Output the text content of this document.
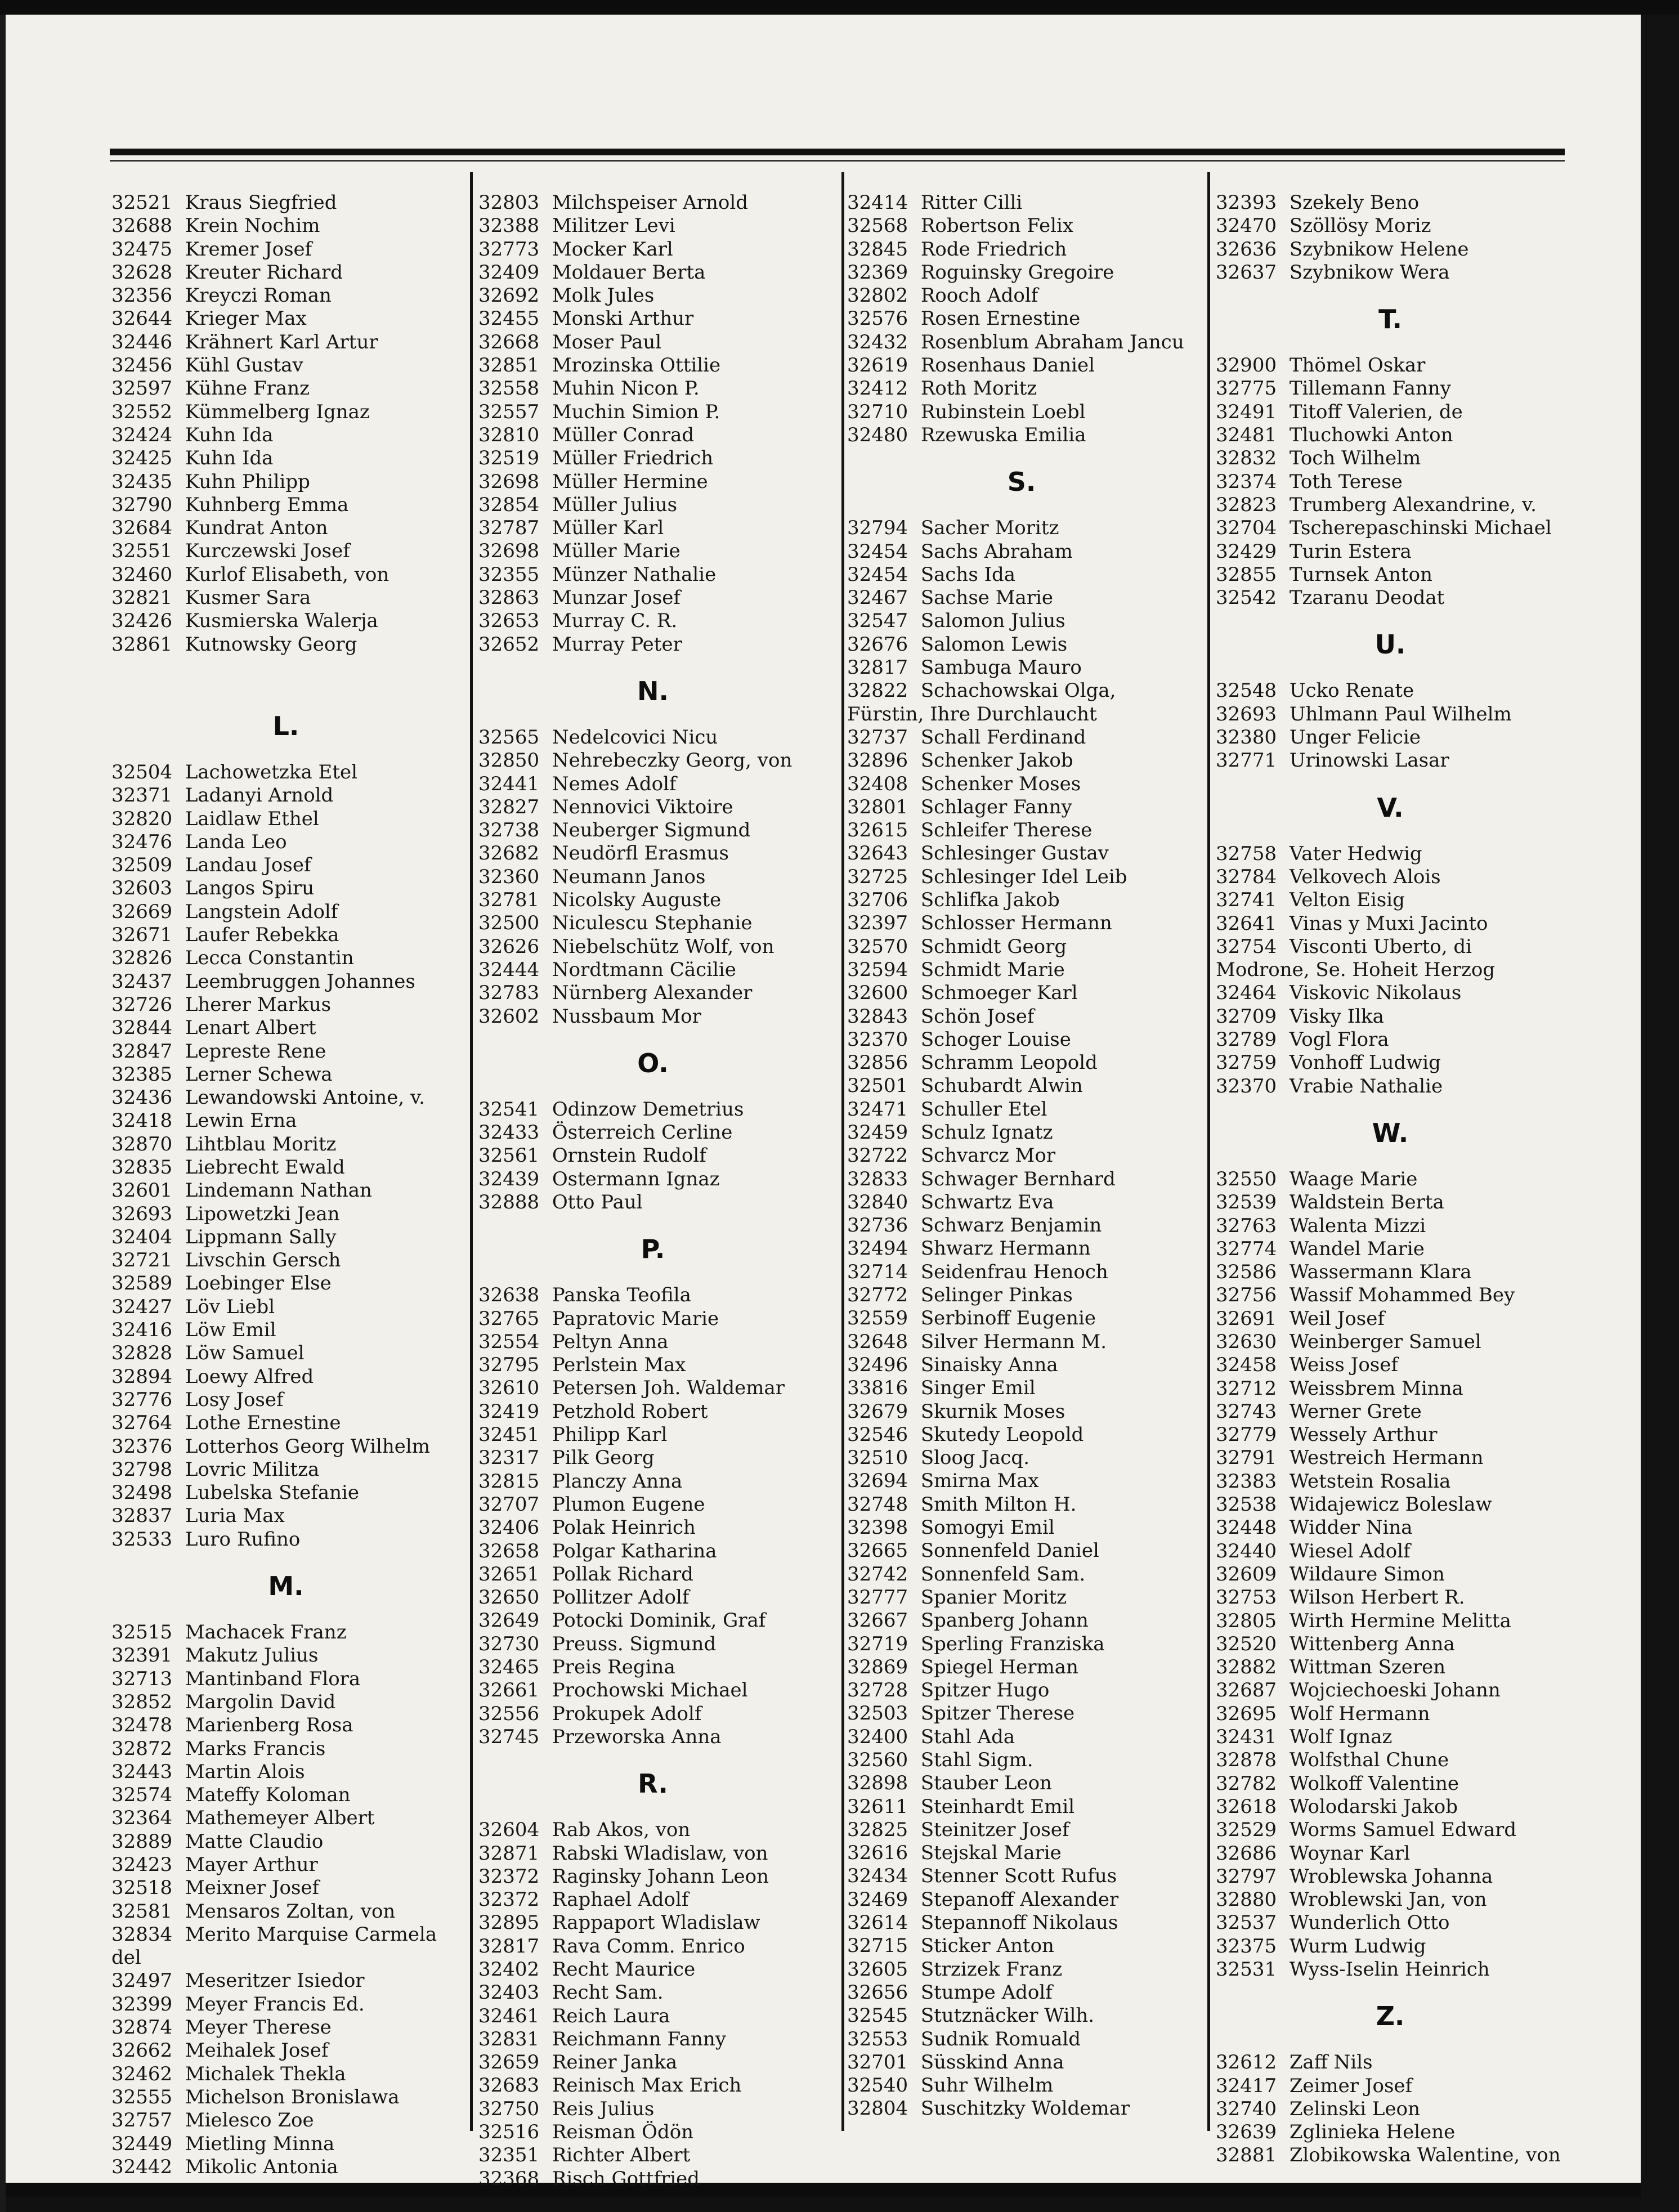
32521 Kraus Siegfried
32688 Krein Nochim
32475 Kremer Josef
32628 Kreuter Richard
32356 Kreyczi Roman
32644 Krieger Max
32446 Krähnert Karl Artur
32456 Kühl Gustav
32597 Kühne Franz
32552 Kümmelberg Ignaz
32424 Kuhn Ida
32425 Kuhn Ida
32435 Kuhn Philipp
32790 Kuhnberg Emma
32684 Kundrat Anton
32551 Kurczewski Josef
32460 Kurlof Elisabeth, von
32821 Kusmer Sara
32426 Kusmierska Walerja
32861 Kutnowsky Georg
L.
32504 Lachowetzka Etel
32371 Ladanyi Arnold
32820 Laidlaw Ethel
32476 Landa Leo
32509 Landau Josef
32603 Langos Spiru
32669 Langstein Adolf
32671 Laufer Rebekka
32826 Lecca Constantin
32437 Leembruggen Johannes
32726 Lherer Markus
32844 Lenart Albert
32847 Lepreste Rene
32385 Lerner Schewa
32436 Lewandowski Antoine, v.
32418 Lewin Erna
32870 Lihtblau Moritz
32835 Liebrecht Ewald
32601 Lindemann Nathan
32693 Lipowetzki Jean
32404 Lippmann Sally
32721 Livschin Gersch
32589 Loebinger Else
32427 Löv Liebl
32416 Löw Emil
32828 Löw Samuel
32894 Loewy Alfred
32776 Losy Josef
32764 Lothe Ernestine
32376 Lotterhos Georg Wilhelm
32798 Lovric Militza
32498 Lubelska Stefanie
32837 Luria Max
32533 Luro Rufino
M.
32515 Machacek Franz
32391 Makutz Julius
32713 Mantinband Flora
32852 Margolin David
32478 Marienberg Rosa
32872 Marks Francis
32443 Martin Alois
32574 Mateffy Koloman
32364 Mathemeyer Albert
32889 Matte Claudio
32423 Mayer Arthur
32518 Meixner Josef
32581 Mensaros Zoltan, von
32834 Merito Marquise Carmela del
32497 Meseritzer Isiedor
32399 Meyer Francis Ed.
32874 Meyer Therese
32662 Meihalek Josef
32462 Michalek Thekla
32555 Michelson Bronislawa
32757 Mielesco Zoe
32449 Mietling Minna
32442 Mikolic Antonia
32803 Milchspeiser Arnold
32388 Militzer Levi
32773 Mocker Karl
32409 Moldauer Berta
32692 Molk Jules
32455 Monski Arthur
32668 Moser Paul
32851 Mrozinska Ottilie
32558 Muhin Nicon P.
32557 Muchin Simion P.
32810 Müller Conrad
32519 Müller Friedrich
32698 Müller Hermine
32854 Müller Julius
32787 Müller Karl
32698 Müller Marie
32355 Münzer Nathalie
32863 Munzar Josef
32653 Murray C. R.
32652 Murray Peter
N.
32565 Nedelcovici Nicu
32850 Nehrebeczky Georg, von
32441 Nemes Adolf
32827 Nennovici Viktoire
32738 Neuberger Sigmund
32682 Neudörfl Erasmus
32360 Neumann Janos
32781 Nicolsky Auguste
32500 Niculescu Stephanie
32626 Niebelschütz Wolf, von
32444 Nordtmann Cäcilie
32783 Nürnberg Alexander
32602 Nussbaum Mor
O.
32541 Odinzow Demetrius
32433 Österreich Cerline
32561 Ornstein Rudolf
32439 Ostermann Ignaz
32888 Otto Paul
P.
32638 Panska Teofila
32765 Papratovic Marie
32554 Peltyn Anna
32795 Perlstein Max
32610 Petersen Joh. Waldemar
32419 Petzhold Robert
32451 Philipp Karl
32317 Pilk Georg
32815 Planczy Anna
32707 Plumon Eugene
32406 Polak Heinrich
32658 Polgar Katharina
32651 Pollak Richard
32650 Pollitzer Adolf
32649 Potocki Dominik, Graf
32730 Preuss. Sigmund
32465 Preis Regina
32661 Prochowski Michael
32556 Prokupek Adolf
32745 Przeworska Anna
R.
32604 Rab Akos, von
32871 Rabski Wladislaw, von
32372 Raginsky Johann Leon
32372 Raphael Adolf
32895 Rappaport Wladislaw
32817 Rava Comm. Enrico
32402 Recht Maurice
32403 Recht Sam.
32461 Reich Laura
32831 Reichmann Fanny
32659 Reiner Janka
32683 Reinisch Max Erich
32750 Reis Julius
32516 Reisman Ödön
32351 Richter Albert
32368 Risch Gottfried
32414 Ritter Cilli
32568 Robertson Felix
32845 Rode Friedrich
32369 Roguinsky Gregoire
32802 Rooch Adolf
32576 Rosen Ernestine
32432 Rosenblum Abraham Jancu
32619 Rosenhaus Daniel
32412 Roth Moritz
32710 Rubinstein Loebl
32480 Rzewuska Emilia
S.
32794 Sacher Moritz
32454 Sachs Abraham
32454 Sachs Ida
32467 Sachse Marie
32547 Salomon Julius
32676 Salomon Lewis
32817 Sambuga Mauro
32822 Schachowskai Olga, Fürstin, Ihre Durchlaucht
32737 Schall Ferdinand
32896 Schenker Jakob
32408 Schenker Moses
32801 Schlager Fanny
32615 Schleifer Therese
32643 Schlesinger Gustav
32725 Schlesinger Idel Leib
32706 Schlifka Jakob
32397 Schlosser Hermann
32570 Schmidt Georg
32594 Schmidt Marie
32600 Schmoeger Karl
32843 Schön Josef
32370 Schoger Louise
32856 Schramm Leopold
32501 Schubardt Alwin
32471 Schuller Etel
32459 Schulz Ignatz
32722 Schvarcz Mor
32833 Schwager Bernhard
32840 Schwartz Eva
32736 Schwarz Benjamin
32494 Shwarz Hermann
32714 Seidenfrau Henoch
32772 Selinger Pinkas
32559 Serbinoff Eugenie
32648 Silver Hermann M.
32496 Sinaisky Anna
33816 Singer Emil
32679 Skurnik Moses
32546 Skutedy Leopold
32510 Sloog Jacq.
32694 Smirna Max
32748 Smith Milton H.
32398 Somogyi Emil
32665 Sonnenfeld Daniel
32742 Sonnenfeld Sam.
32777 Spanier Moritz
32667 Spanberg Johann
32719 Sperling Franziska
32869 Spiegel Herman
32728 Spitzer Hugo
32503 Spitzer Therese
32400 Stahl Ada
32560 Stahl Sigm.
32898 Stauber Leon
32611 Steinhardt Emil
32825 Steinitzer Josef
32616 Stejskal Marie
32434 Stenner Scott Rufus
32469 Stepanoff Alexander
32614 Stepannoff Nikolaus
32715 Sticker Anton
32605 Strzizek Franz
32656 Stumpe Adolf
32545 Stutznäcker Wilh.
32553 Sudnik Romuald
32701 Süsskind Anna
32540 Suhr Wilhelm
32804 Suschitzky Woldemar
32393 Szekely Beno
32470 Szöllösy Moriz
32636 Szybnikow Helene
32637 Szybnikow Wera
T.
32900 Thömel Oskar
32775 Tillemann Fanny
32491 Titoff Valerien, de
32481 Tluchowki Anton
32832 Toch Wilhelm
32374 Toth Terese
32823 Trumberg Alexandrine, v.
32704 Tscherepaschinski Michael
32429 Turin Estera
32855 Turnsek Anton
32542 Tzaranu Deodat
U.
32548 Ucko Renate
32693 Uhlmann Paul Wilhelm
32380 Unger Felicie
32771 Urinowski Lasar
V.
32758 Vater Hedwig
32784 Velkovech Alois
32741 Velton Eisig
32641 Vinas y Muxi Jacinto
32754 Visconti Uberto, di Modrone, Se. Hoheit Herzog
32464 Viskovic Nikolaus
32709 Visky Ilka
32789 Vogl Flora
32759 Vonhoff Ludwig
32370 Vrabie Nathalie
W.
32550 Waage Marie
32539 Waldstein Berta
32763 Walenta Mizzi
32774 Wandel Marie
32586 Wassermann Klara
32756 Wassif Mohammed Bey
32691 Weil Josef
32630 Weinberger Samuel
32458 Weiss Josef
32712 Weissbrem Minna
32743 Werner Grete
32779 Wessely Arthur
32791 Westreich Hermann
32383 Wetstein Rosalia
32538 Widajewicz Boleslaw
32448 Widder Nina
32440 Wiesel Adolf
32609 Wildaure Simon
32753 Wilson Herbert R.
32805 Wirth Hermine Melitta
32520 Wittenberg Anna
32882 Wittman Szeren
32687 Wojciechoeski Johann
32695 Wolf Hermann
32431 Wolf Ignaz
32878 Wolfsthal Chune
32782 Wolkoff Valentine
32618 Wolodarski Jakob
32529 Worms Samuel Edward
32686 Woynar Karl
32797 Wroblewska Johanna
32880 Wroblewski Jan, von
32537 Wunderlich Otto
32375 Wurm Ludwig
32531 Wyss-Iselin Heinrich
Z.
32612 Zaff Nils
32417 Zeimer Josef
32740 Zelinski Leon
32639 Zglinieka Helene
32881 Zlobikowska Walentine, von
